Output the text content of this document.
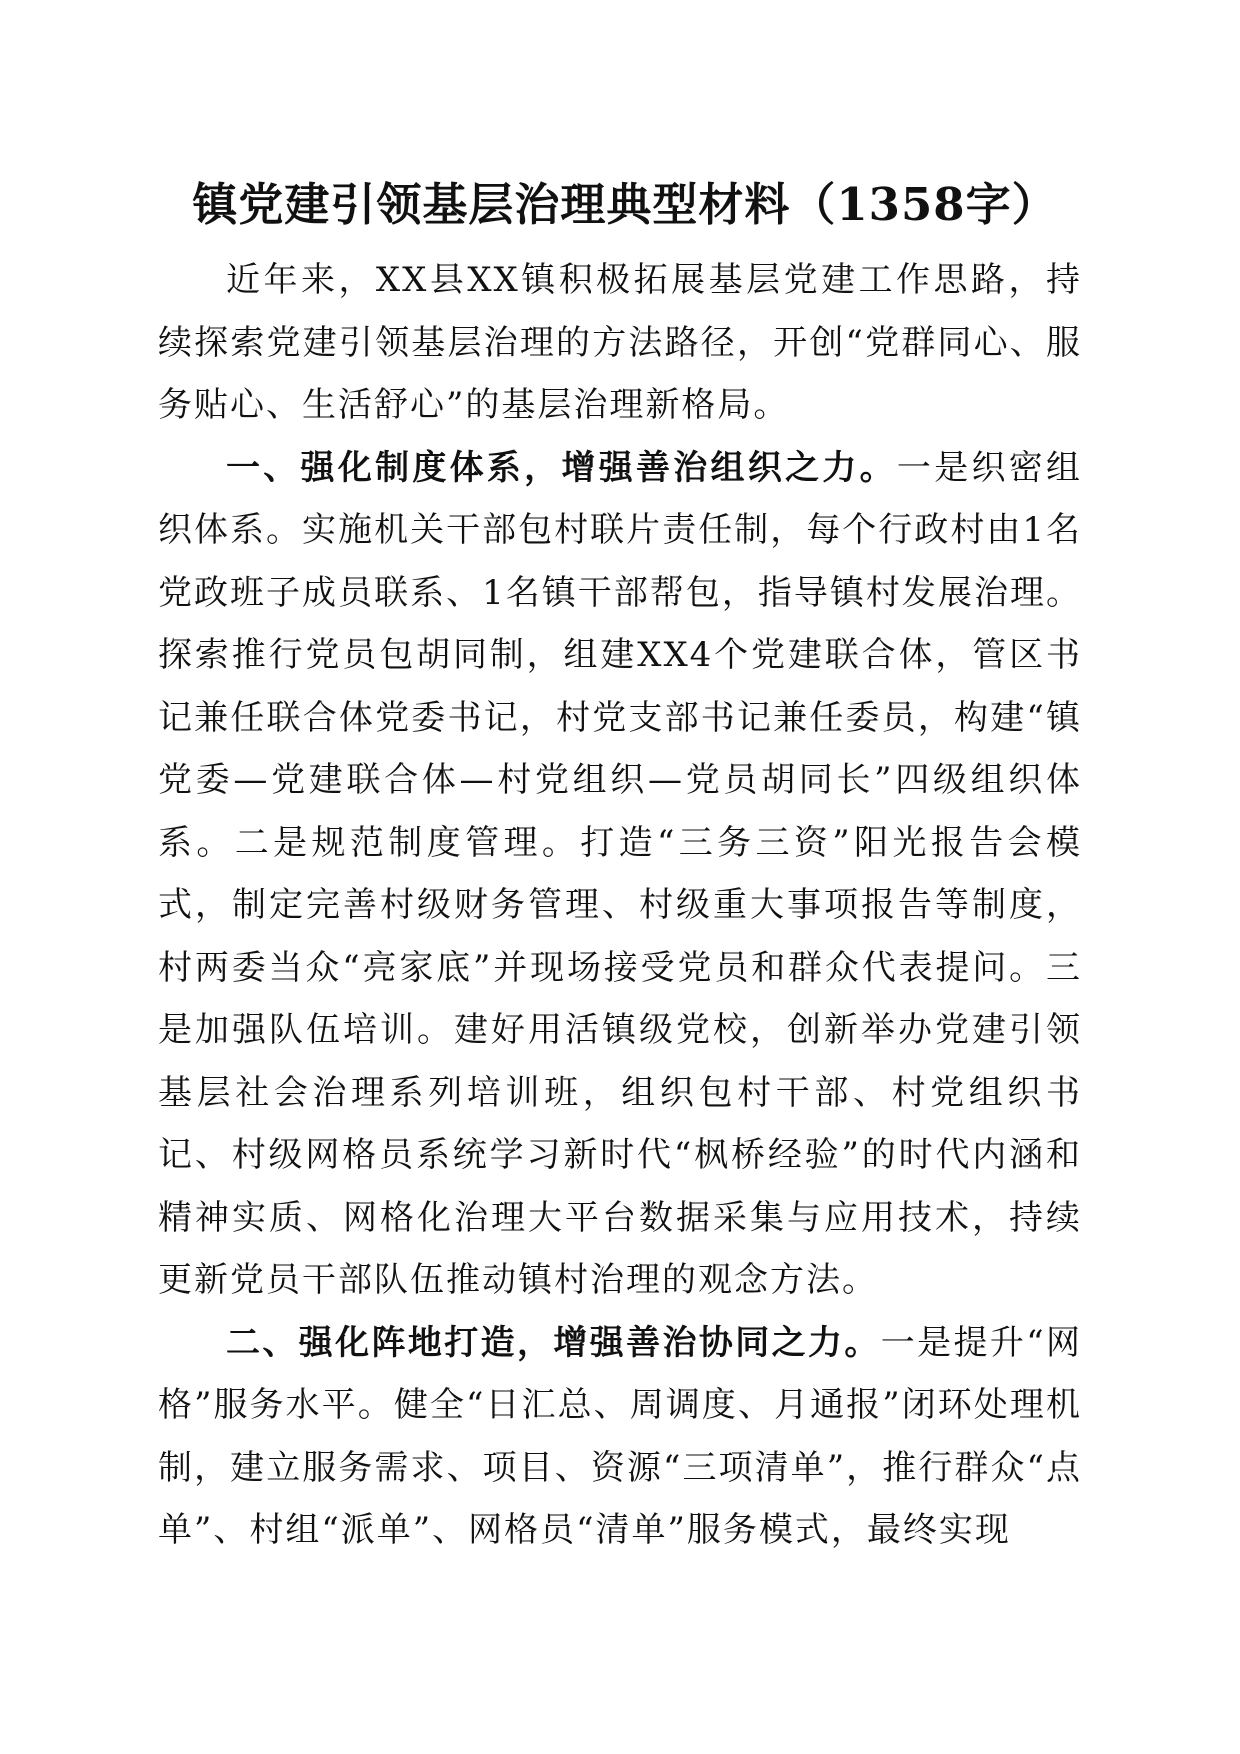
镇党建引领基层治理典型材料（1358字）

近年来，XX县XX镇积极拓展基层党建工作思路，持续探索党建引领基层治理的方法路径，开创“党群同心、服务贴心、生活舒心”的基层治理新格局。

一、强化制度体系，增强善治组织之力。一是织密组织体系。实施机关干部包村联片责任制，每个行政村由1名党政班子成员联系、1名镇干部帮包，指导镇村发展治理。探索推行党员包胡同制，组建XX4个党建联合体，管区书记兼任联合体党委书记，村党支部书记兼任委员，构建“镇党委—党建联合体—村党组织—党员胡同长”四级组织体系。二是规范制度管理。打造“三务三资”阳光报告会模式，制定完善村级财务管理、村级重大事项报告等制度，村两委当众“亮家底”并现场接受党员和群众代表提问。三是加强队伍培训。建好用活镇级党校，创新举办党建引领基层社会治理系列培训班，组织包村干部、村党组织书记、村级网格员系统学习新时代“枫桥经验”的时代内涵和精神实质、网格化治理大平台数据采集与应用技术，持续更新党员干部队伍推动镇村治理的观念方法。

二、强化阵地打造，增强善治协同之力。一是提升“网格”服务水平。健全“日汇总、周调度、月通报”闭环处理机制，建立服务需求、项目、资源“三项清单”，推行群众“点单”、村组“派单”、网格员“清单”服务模式，最终实现
